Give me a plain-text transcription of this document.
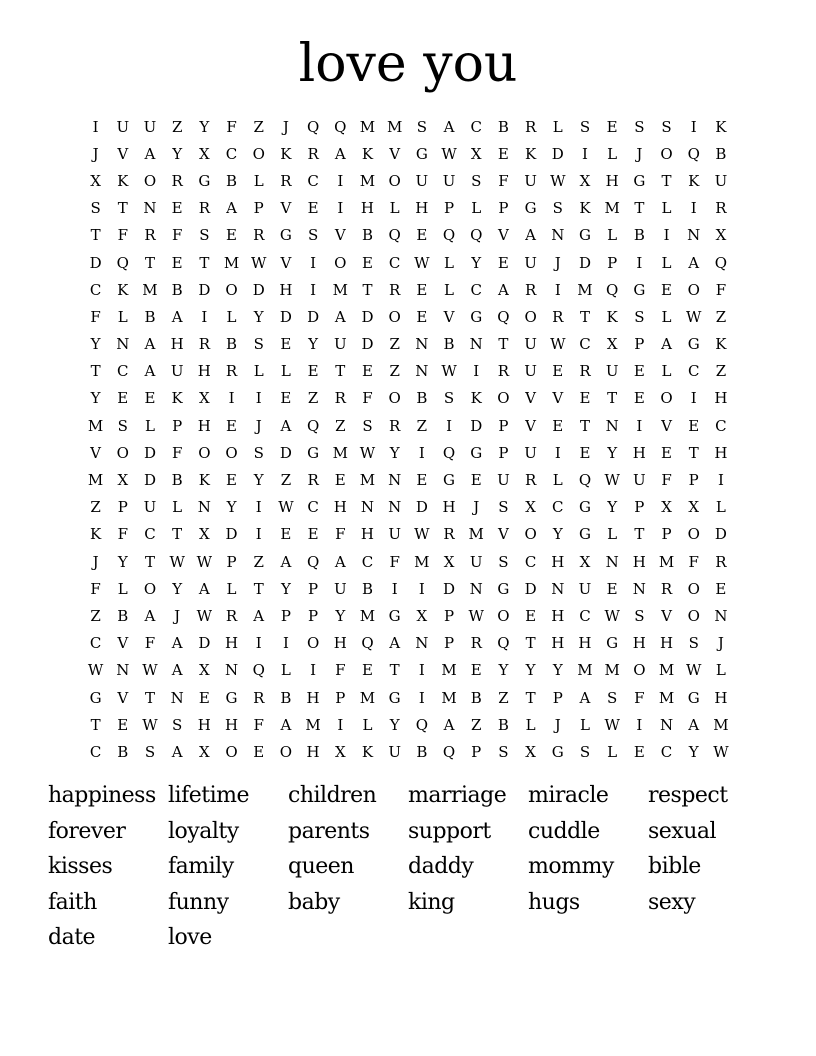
love you
I	U U	Z	Y	F	Z	J	Q Q M M S	A	C	B	R	L	S	E	S	S	I	K
J	V	A	Y	X	C	O	K	R	A	K	V	G W X	E	K	D	I	L	J	O Q	B
X	K	O	R	G	B	L	R	C	I	M O U U	S	F	U W X	H G	T	K	U
S	T	N	E	R	A	P	V	E	I	H	L	H	P	L	P	G	S	K M T	L	I	R
T	F	R	F	S	E	R	G	S	V	B	Q	E	Q Q	V	A	N G	L	B	I	N	X
D	Q	T	E	T M W V	I	O	E	C W L	Y	E	U	J	D	P	I	L	A	Q
C	K M B	D	O	D H	I	M T	R	E	L	C	A	R	I	M Q	G	E	O	F
F	L	B	A	I	L	Y	D	D	A	D	O	E	V	G	Q O	R	T	K	S	L W Z
Y	N	A	H R	B	S	E	Y	U D	Z	N	B	N	T	U W C	X	P	A	G	K
T	C	A	U H R	L	L	E	T	E	Z	N W	I	R	U	E	R	U	E	L	C	Z
Y	E	E	K	X	I	I	E	Z	R	F	O	B	S	K	O	V	V	E	T	E	O	I	H
M S	L	P	H	E	J	A	Q	Z	S	R	Z	I	D	P	V	E	T	N	I	V	E	C
V	O	D	F	O O	S	D	G M W Y	I	Q	G	P	U	I	E	Y	H	E	T	H
M X	D	B	K	E	Y	Z	R	E M N	E	G	E	U	R	L	Q W U	F	P	I
Z	P	U	L	N	Y	I	W C H N N D H	J	S	X	C	G	Y	P	X	X	L
K	F	C	T	X	D	I	E	E	F	H U W R M V	O	Y	G	L	T	P	O	D
J	Y	T W W P	Z	A	Q	A	C	F M X	U	S	C H	X	N H M F	R
F	L	O	Y	A	L	T	Y	P	U	B	I	I	D N G	D N U	E	N R	O	E
Z	B	A	J	W R	A	P	P	Y M G	X	P W O	E	H C W S	V	O N
C	V	F	A	D H	I	I	O H Q	A	N	P	R	Q	T	H H G H H	S	J
W N W A	X	N Q	L	I	F	E	T	I	M E	Y	Y	Y M M O M W L
G	V	T	N	E	G	R	B	H	P M G	I	M B	Z	T	P	A	S	F M G H
T	E W S	H H	F	A M	I	L	Y	Q	A	Z	B	L	J	L W	I	N	A M
C	B	S	A	X	O	E	O H	X	K	U	B	Q	P	S	X	G	S	L	E	C	Y W
happiness lifetime	children	marriage miracle	respect
forever	loyalty	parents	support	cuddle	sexual
kisses	family	queen	daddy	mommy	bible
faith	funny	baby	king	hugs	sexy
date	love
